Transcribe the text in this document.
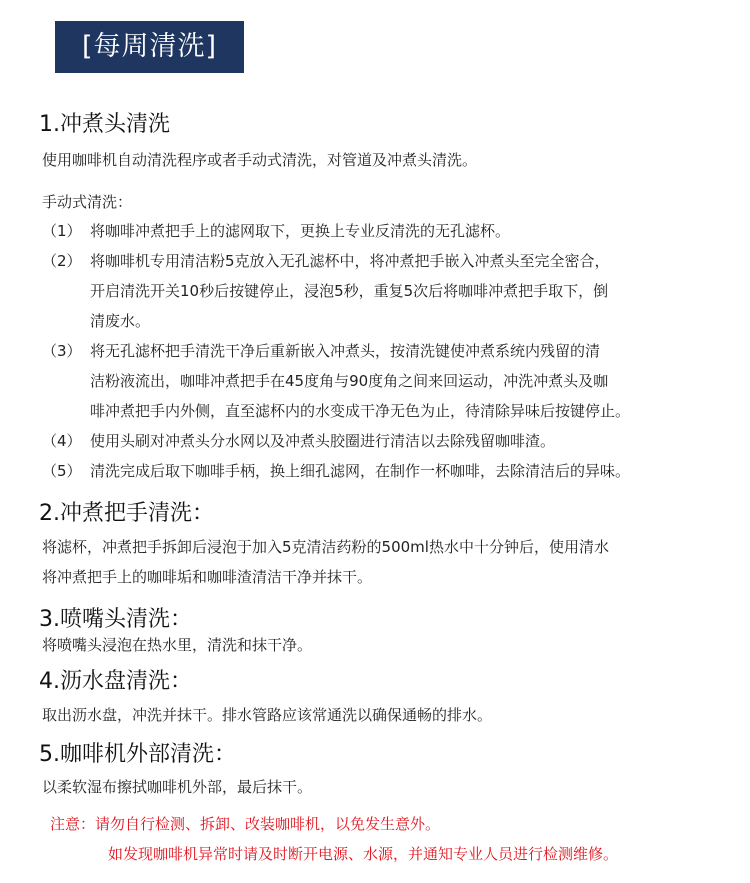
[每周清洗]
1.冲煮头清洗
使用咖啡机自动清洗程序或者手动式清洗，对管道及冲煮头清洗。
手动式清洗：
（1） 将咖啡冲煮把手上的滤网取下，更换上专业反清洗的无孔滤杯。
（2） 将咖啡机专用清洁粉5克放入无孔滤杯中，将冲煮把手嵌入冲煮头至完全密合，
开启清洗开关10秒后按键停止，浸泡5秒，重复5次后将咖啡冲煮把手取下，倒
清废水。
（3） 将无孔滤杯把手清洗干净后重新嵌入冲煮头，按清洗键使冲煮系统内残留的清
洁粉液流出，咖啡冲煮把手在45度角与90度角之间来回运动，冲洗冲煮头及咖
啡冲煮把手内外侧，直至滤杯内的水变成干净无色为止，待清除异味后按键停止。
（4） 使用头刷对冲煮头分水网以及冲煮头胶圈进行清洁以去除残留咖啡渣。
（5） 清洗完成后取下咖啡手柄，换上细孔滤网，在制作一杯咖啡，去除清洁后的异味。
2.冲煮把手清洗：
将滤杯，冲煮把手拆卸后浸泡于加入5克清洁药粉的500ml热水中十分钟后，使用清水
将冲煮把手上的咖啡垢和咖啡渣清洁干净并抹干。
3.喷嘴头清洗：
将喷嘴头浸泡在热水里，清洗和抹干净。
4.沥水盘清洗：
取出沥水盘，冲洗并抹干。排水管路应该常通洗以确保通畅的排水。
5.咖啡机外部清洗：
以柔软湿布擦拭咖啡机外部，最后抹干。
注意：请勿自行检测、拆卸、改装咖啡机，以免发生意外。
如发现咖啡机异常时请及时断开电源、水源，并通知专业人员进行检测维修。
